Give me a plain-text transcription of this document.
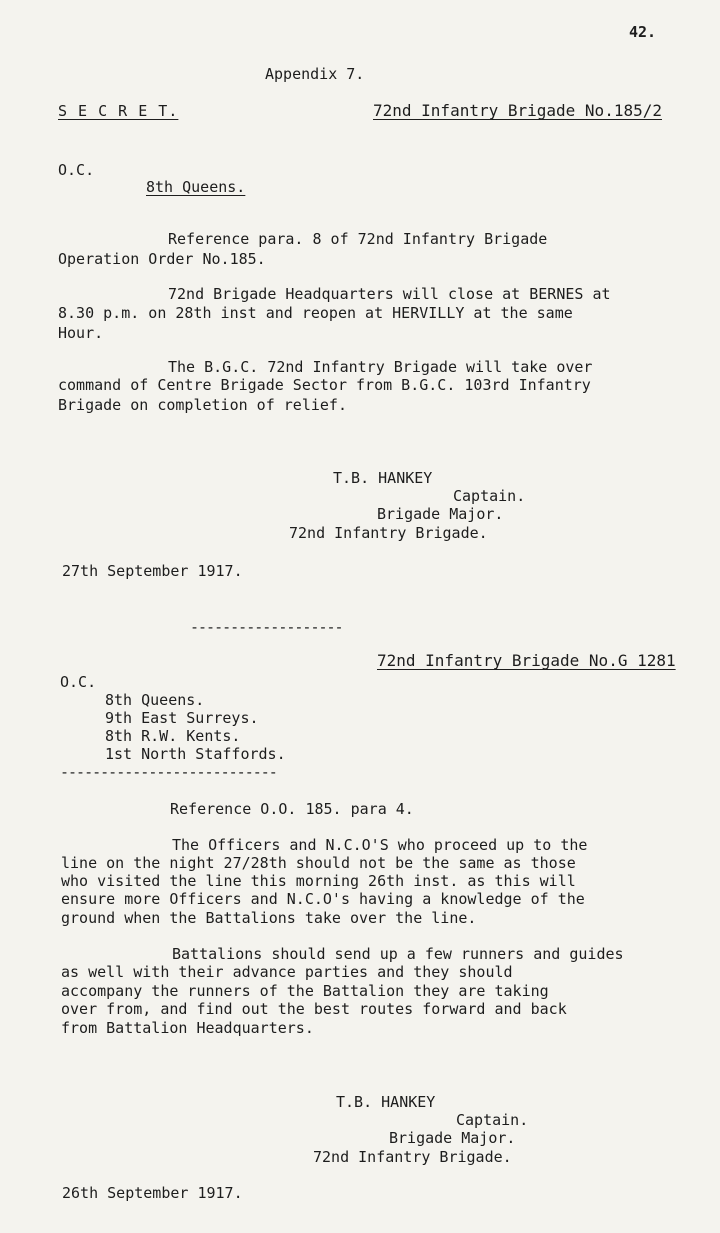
42.
Appendix 7.
S E C R E T.	72nd Infantry Brigade No.185/2
O.C.
8th Queens.
Reference para. 8 of 72nd Infantry Brigade
Operation Order No.185.
72nd Brigade Headquarters will close at BERNES at
8.30 p.m. on 28th inst and reopen at HERVILLY at the same
Hour.
The B.G.C. 72nd Infantry Brigade will take over
command of Centre Brigade Sector from B.G.C. 103rd Infantry
Brigade on completion of relief.
T.B. HANKEY
Captain.
Brigade Major.
72nd Infantry Brigade.
27th September 1917.
-------------------
72nd Infantry Brigade No.G 1281
O.C.
8th Queens.
9th East Surreys.
8th R.W. Kents.
1st North Staffords.
---------------------------
Reference O.O. 185. para 4.
The Officers and N.C.O'S who proceed up to the
line on the night 27/28th should not be the same as those
who visited the line this morning 26th inst. as this will
ensure more Officers and N.C.O's having a knowledge of the
ground when the Battalions take over the line.
Battalions should send up a few runners and guides
as well with their advance parties and they should
accompany the runners of the Battalion they are taking
over from, and find out the best routes forward and back
from Battalion Headquarters.
T.B. HANKEY
Captain.
Brigade Major.
72nd Infantry Brigade.
26th September 1917.
